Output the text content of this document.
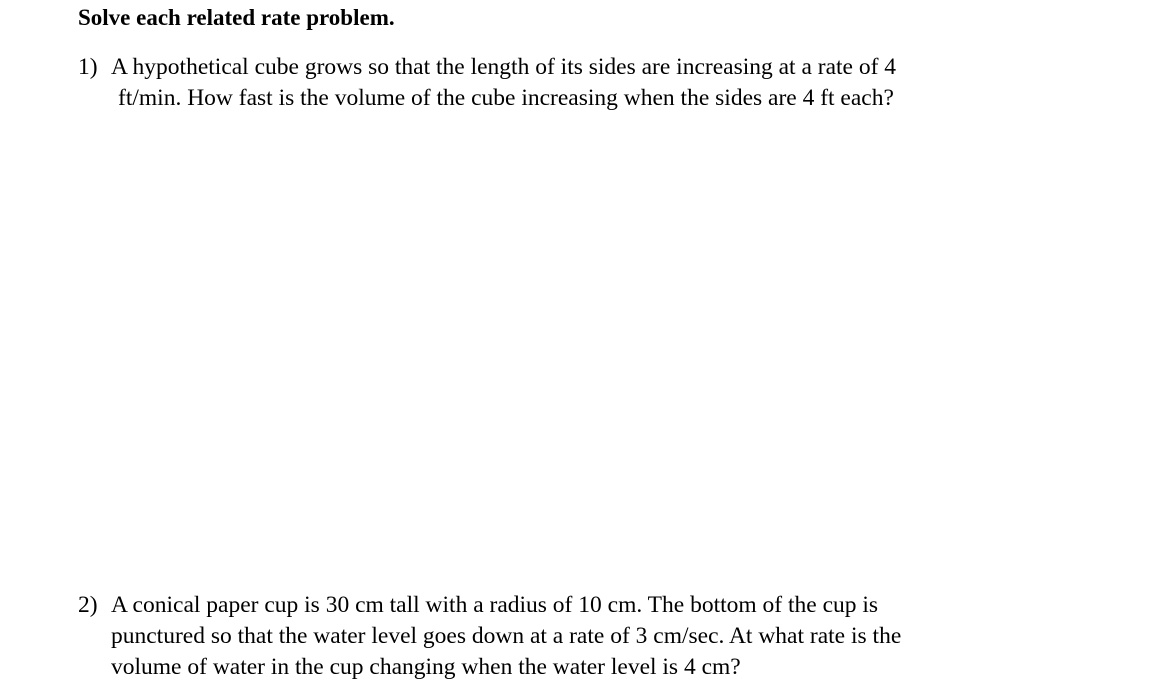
Solve each related rate problem.
1) A hypothetical cube grows so that the length of its sides are increasing at a rate of 4
ft/min. How fast is the volume of the cube increasing when the sides are 4 ft each?
2) A conical paper cup is 30 cm tall with a radius of 10 cm. The bottom of the cup is
punctured so that the water level goes down at a rate of 3 cm/sec. At what rate is the
volume of water in the cup changing when the water level is 4 cm?
